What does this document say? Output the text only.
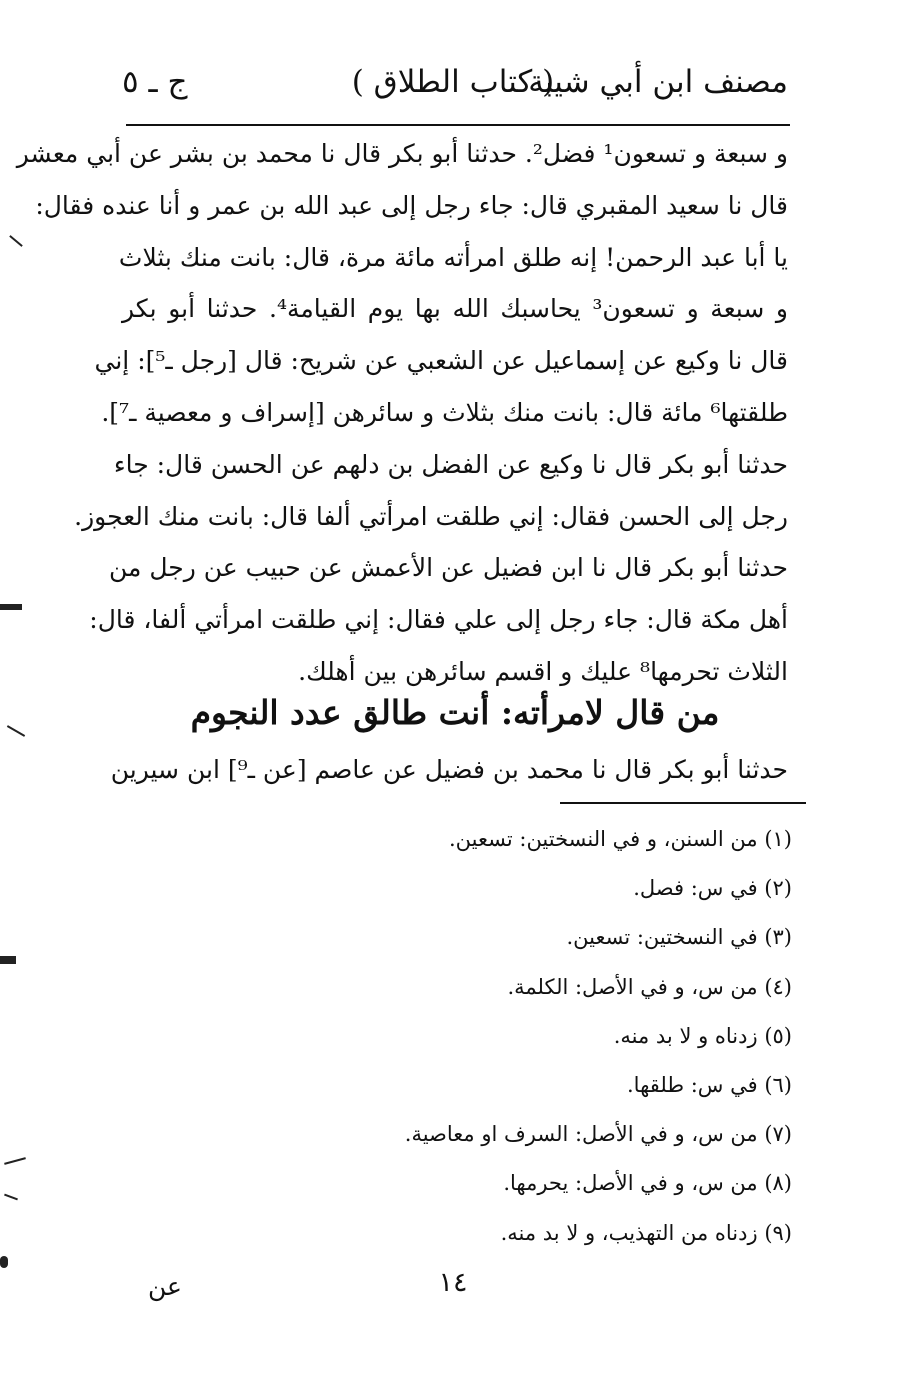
مصنف ابن أبي شيبة
( كتاب الطلاق )
ج ـ ٥
و سبعة و تسعون¹ فضل². حدثنا أبو بكر قال نا محمد بن بشر عن أبي معشر
قال نا سعيد المقبري قال: جاء رجل إلى عبد الله بن عمر و أنا عنده فقال:
يا أبا عبد الرحمن! إنه طلق امرأته مائة مرة، قال: بانت منك بثلاث
و سبعة و تسعون³ يحاسبك الله بها يوم القيامة⁴. حدثنا أبو بكر
قال نا وكيع عن إسماعيل عن الشعبي عن شريح: قال [رجل ـ⁵]: إني
طلقتها⁶ مائة قال: بانت منك بثلاث و سائرهن [إسراف و معصية ـ⁷].
حدثنا أبو بكر قال نا وكيع عن الفضل بن دلهم عن الحسن قال: جاء
رجل إلى الحسن فقال: إني طلقت امرأتي ألفا قال: بانت منك العجوز.
حدثنا أبو بكر قال نا ابن فضيل عن الأعمش عن حبيب عن رجل من
أهل مكة قال: جاء رجل إلى علي فقال: إني طلقت امرأتي ألفا، قال:
الثلاث تحرمها⁸ عليك و اقسم سائرهن بين أهلك.
من قال لامرأته: أنت طالق عدد النجوم
حدثنا أبو بكر قال نا محمد بن فضيل عن عاصم [عن ـ⁹] ابن سيرين
(١) من السنن، و في النسختين: تسعين.
(٢) في س: فصل.
(٣) في النسختين: تسعين.
(٤) من س، و في الأصل: الكلمة.
(٥) زدناه و لا بد منه.
(٦) في س: طلقها.
(٧) من س، و في الأصل: السرف او معاصية.
(٨) من س، و في الأصل: يحرمها.
(٩) زدناه من التهذيب، و لا بد منه.
١٤
عن
